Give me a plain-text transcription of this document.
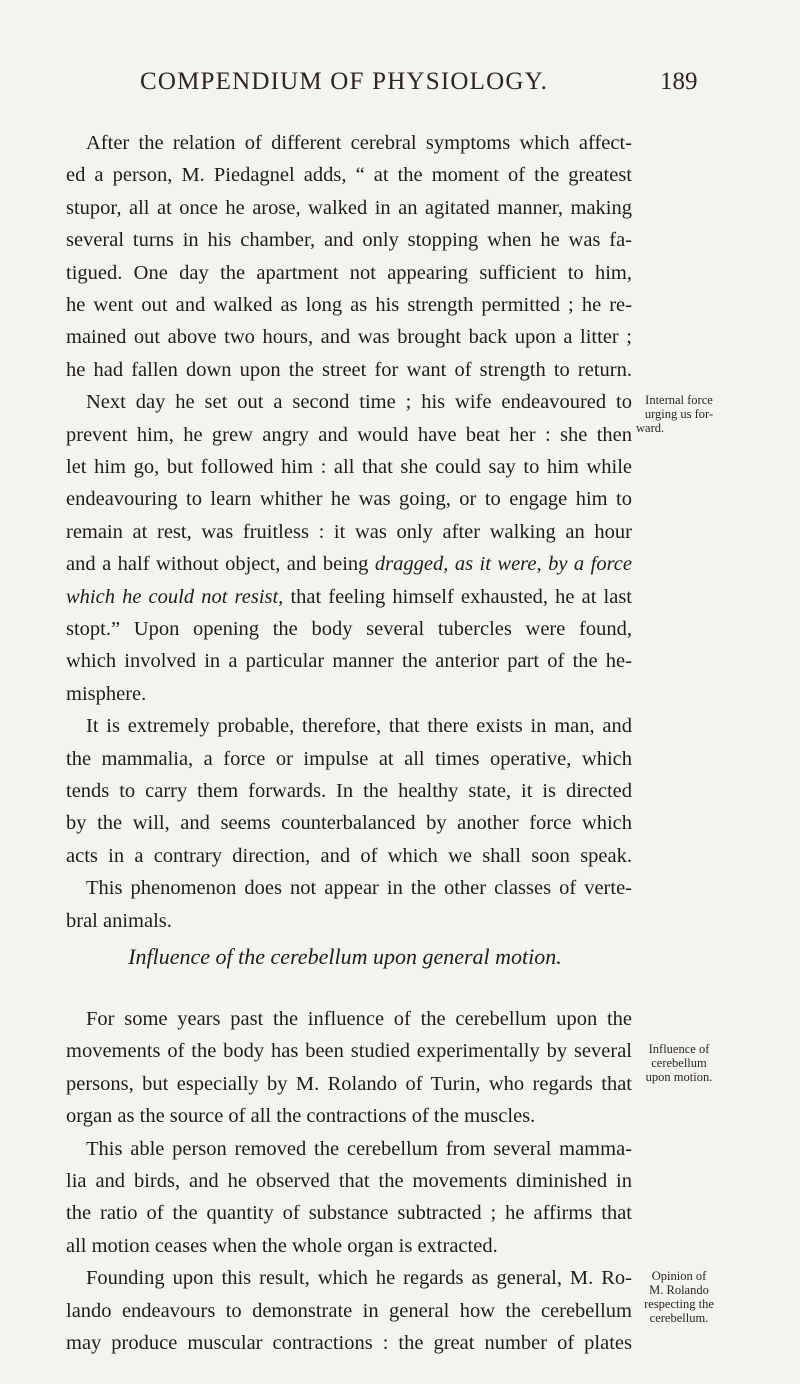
COMPENDIUM OF PHYSIOLOGY.	189
After the relation of different cerebral symptoms which affect-
ed a person, M. Piedagnel adds, “ at the moment of the greatest
stupor, all at once he arose, walked in an agitated manner, making
several turns in his chamber, and only stopping when he was fa-
tigued. One day the apartment not appearing sufficient to him,
he went out and walked as long as his strength permitted ; he re-
mained out above two hours, and was brought back upon a litter ;
he had fallen down upon the street for want of strength to return.
Next day he set out a second time ; his wife endeavoured to
prevent him, he grew angry and would have beat her : she then
let him go, but followed him : all that she could say to him while
endeavouring to learn whither he was going, or to engage him to
remain at rest, was fruitless : it was only after walking an hour
and a half without object, and being dragged, as it were, by a force
which he could not resist, that feeling himself exhausted, he at last
stopt.” Upon opening the body several tubercles were found,
which involved in a particular manner the anterior part of the he-
misphere.
It is extremely probable, therefore, that there exists in man, and
the mammalia, a force or impulse at all times operative, which
tends to carry them forwards. In the healthy state, it is directed
by the will, and seems counterbalanced by another force which
acts in a contrary direction, and of which we shall soon speak.
This phenomenon does not appear in the other classes of verte-
bral animals.
Influence of the cerebellum upon general motion.
For some years past the influence of the cerebellum upon the
movements of the body has been studied experimentally by several
persons, but especially by M. Rolando of Turin, who regards that
organ as the source of all the contractions of the muscles.
This able person removed the cerebellum from several mamma-
lia and birds, and he observed that the movements diminished in
the ratio of the quantity of substance subtracted ; he affirms that
all motion ceases when the whole organ is extracted.
Founding upon this result, which he regards as general, M. Ro-
lando endeavours to demonstrate in general how the cerebellum
Internal force
urging us for-
ward.
Influence of
cerebellum
upon motion.
Opinion of
M. Rolando
respecting the
cerebellum.
may produce muscular contractions : the great number of plates
